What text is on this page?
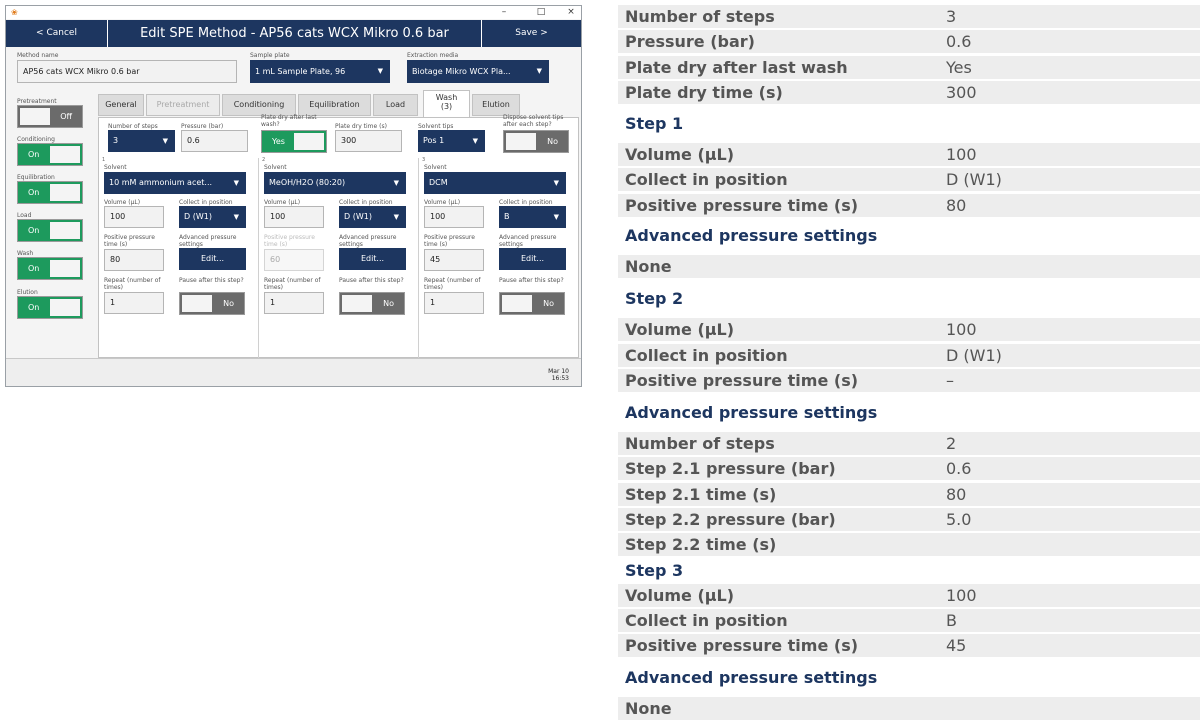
❀	–	□	×
< Cancel	Edit SPE Method - AP56 cats WCX Mikro 0.6 bar	Save >
Method name
AP56 cats WCX Mikro 0.6 bar
Sample plate
1 mL Sample Plate, 96	▼
Extraction media
Biotage Mikro WCX Pla...	▼
Pretreatment
Off
Conditioning
On
Equilibration
On
Load
On
Wash
On
Elution
On
General	Pretreatment	Conditioning	Equilibration	Load
Wash
(3)	Elution
Number of steps
3	▼
Pressure (bar)
0.6
Plate dry after last wash?
Yes
Plate dry time (s)
300
Solvent tips
Pos 1	▼
Dispose solvent tips after each step?
No
1
Solvent
10 mM ammonium acet...	▼
Volume (µL)
100
Collect in position
D (W1)	▼
Positive pressure time (s)
80
Advanced pressure settings
Edit...
Repeat (number of times)
1
Pause after this step?
No
2
Solvent
MeOH/H2O (80:20)	▼
Volume (µL)
100
Collect in position
D (W1)	▼
Positive pressure time (s)
60
Advanced pressure settings
Edit...
Repeat (number of times)
1
Pause after this step?
No
3
Solvent
DCM	▼
Volume (µL)
100
Collect in position
B	▼
Positive pressure time (s)
45
Advanced pressure settings
Edit...
Repeat (number of times)
1
Pause after this step?
No
Mar 10
16:53
Number of steps	3
Pressure (bar)	0.6
Plate dry after last wash	Yes
Plate dry time (s)	300
Step 1
Volume (µL)	100
Collect in position	D (W1)
Positive pressure time (s)	80
Advanced pressure settings
None
Step 2
Volume (µL)	100
Collect in position	D (W1)
Positive pressure time (s)	–
Advanced pressure settings
Number of steps	2
Step 2.1 pressure (bar)	0.6
Step 2.1 time (s)	80
Step 2.2 pressure (bar)	5.0
Step 2.2 time (s)
Step 3
Volume (µL)	100
Collect in position	B
Positive pressure time (s)	45
Advanced pressure settings
None
